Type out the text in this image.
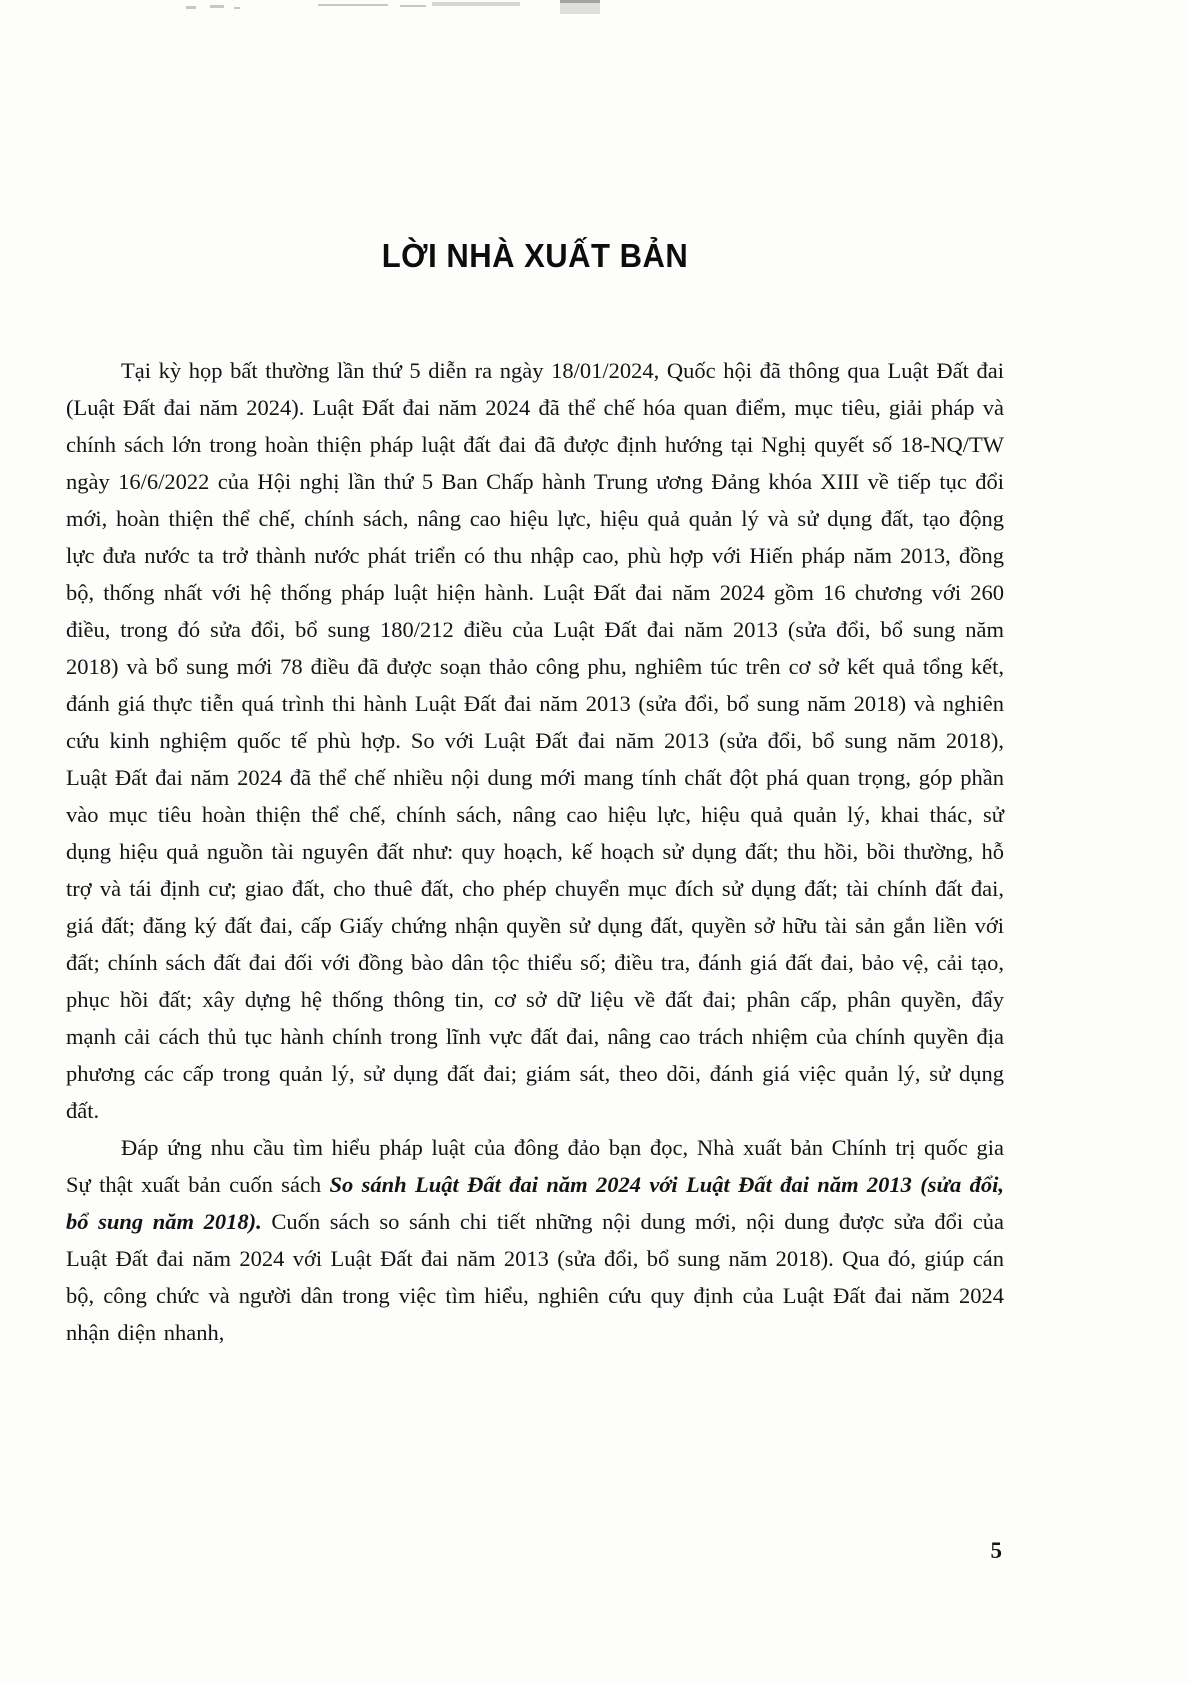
LỜI NHÀ XUẤT BẢN

Tại kỳ họp bất thường lần thứ 5 diễn ra ngày 18/01/2024, Quốc hội đã thông qua Luật Đất đai (Luật Đất đai năm 2024). Luật Đất đai năm 2024 đã thể chế hóa quan điểm, mục tiêu, giải pháp và chính sách lớn trong hoàn thiện pháp luật đất đai đã được định hướng tại Nghị quyết số 18-NQ/TW ngày 16/6/2022 của Hội nghị lần thứ 5 Ban Chấp hành Trung ương Đảng khóa XIII về tiếp tục đổi mới, hoàn thiện thể chế, chính sách, nâng cao hiệu lực, hiệu quả quản lý và sử dụng đất, tạo động lực đưa nước ta trở thành nước phát triển có thu nhập cao, phù hợp với Hiến pháp năm 2013, đồng bộ, thống nhất với hệ thống pháp luật hiện hành. Luật Đất đai năm 2024 gồm 16 chương với 260 điều, trong đó sửa đổi, bổ sung 180/212 điều của Luật Đất đai năm 2013 (sửa đổi, bổ sung năm 2018) và bổ sung mới 78 điều đã được soạn thảo công phu, nghiêm túc trên cơ sở kết quả tổng kết, đánh giá thực tiễn quá trình thi hành Luật Đất đai năm 2013 (sửa đổi, bổ sung năm 2018) và nghiên cứu kinh nghiệm quốc tế phù hợp. So với Luật Đất đai năm 2013 (sửa đổi, bổ sung năm 2018), Luật Đất đai năm 2024 đã thể chế nhiều nội dung mới mang tính chất đột phá quan trọng, góp phần vào mục tiêu hoàn thiện thể chế, chính sách, nâng cao hiệu lực, hiệu quả quản lý, khai thác, sử dụng hiệu quả nguồn tài nguyên đất như: quy hoạch, kế hoạch sử dụng đất; thu hồi, bồi thường, hỗ trợ và tái định cư; giao đất, cho thuê đất, cho phép chuyển mục đích sử dụng đất; tài chính đất đai, giá đất; đăng ký đất đai, cấp Giấy chứng nhận quyền sử dụng đất, quyền sở hữu tài sản gắn liền với đất; chính sách đất đai đối với đồng bào dân tộc thiểu số; điều tra, đánh giá đất đai, bảo vệ, cải tạo, phục hồi đất; xây dựng hệ thống thông tin, cơ sở dữ liệu về đất đai; phân cấp, phân quyền, đẩy mạnh cải cách thủ tục hành chính trong lĩnh vực đất đai, nâng cao trách nhiệm của chính quyền địa phương các cấp trong quản lý, sử dụng đất đai; giám sát, theo dõi, đánh giá việc quản lý, sử dụng đất.

Đáp ứng nhu cầu tìm hiểu pháp luật của đông đảo bạn đọc, Nhà xuất bản Chính trị quốc gia Sự thật xuất bản cuốn sách So sánh Luật Đất đai năm 2024 với Luật Đất đai năm 2013 (sửa đổi, bổ sung năm 2018). Cuốn sách so sánh chi tiết những nội dung mới, nội dung được sửa đổi của Luật Đất đai năm 2024 với Luật Đất đai năm 2013 (sửa đổi, bổ sung năm 2018). Qua đó, giúp cán bộ, công chức và người dân trong việc tìm hiểu, nghiên cứu quy định của Luật Đất đai năm 2024 nhận diện nhanh,

5
